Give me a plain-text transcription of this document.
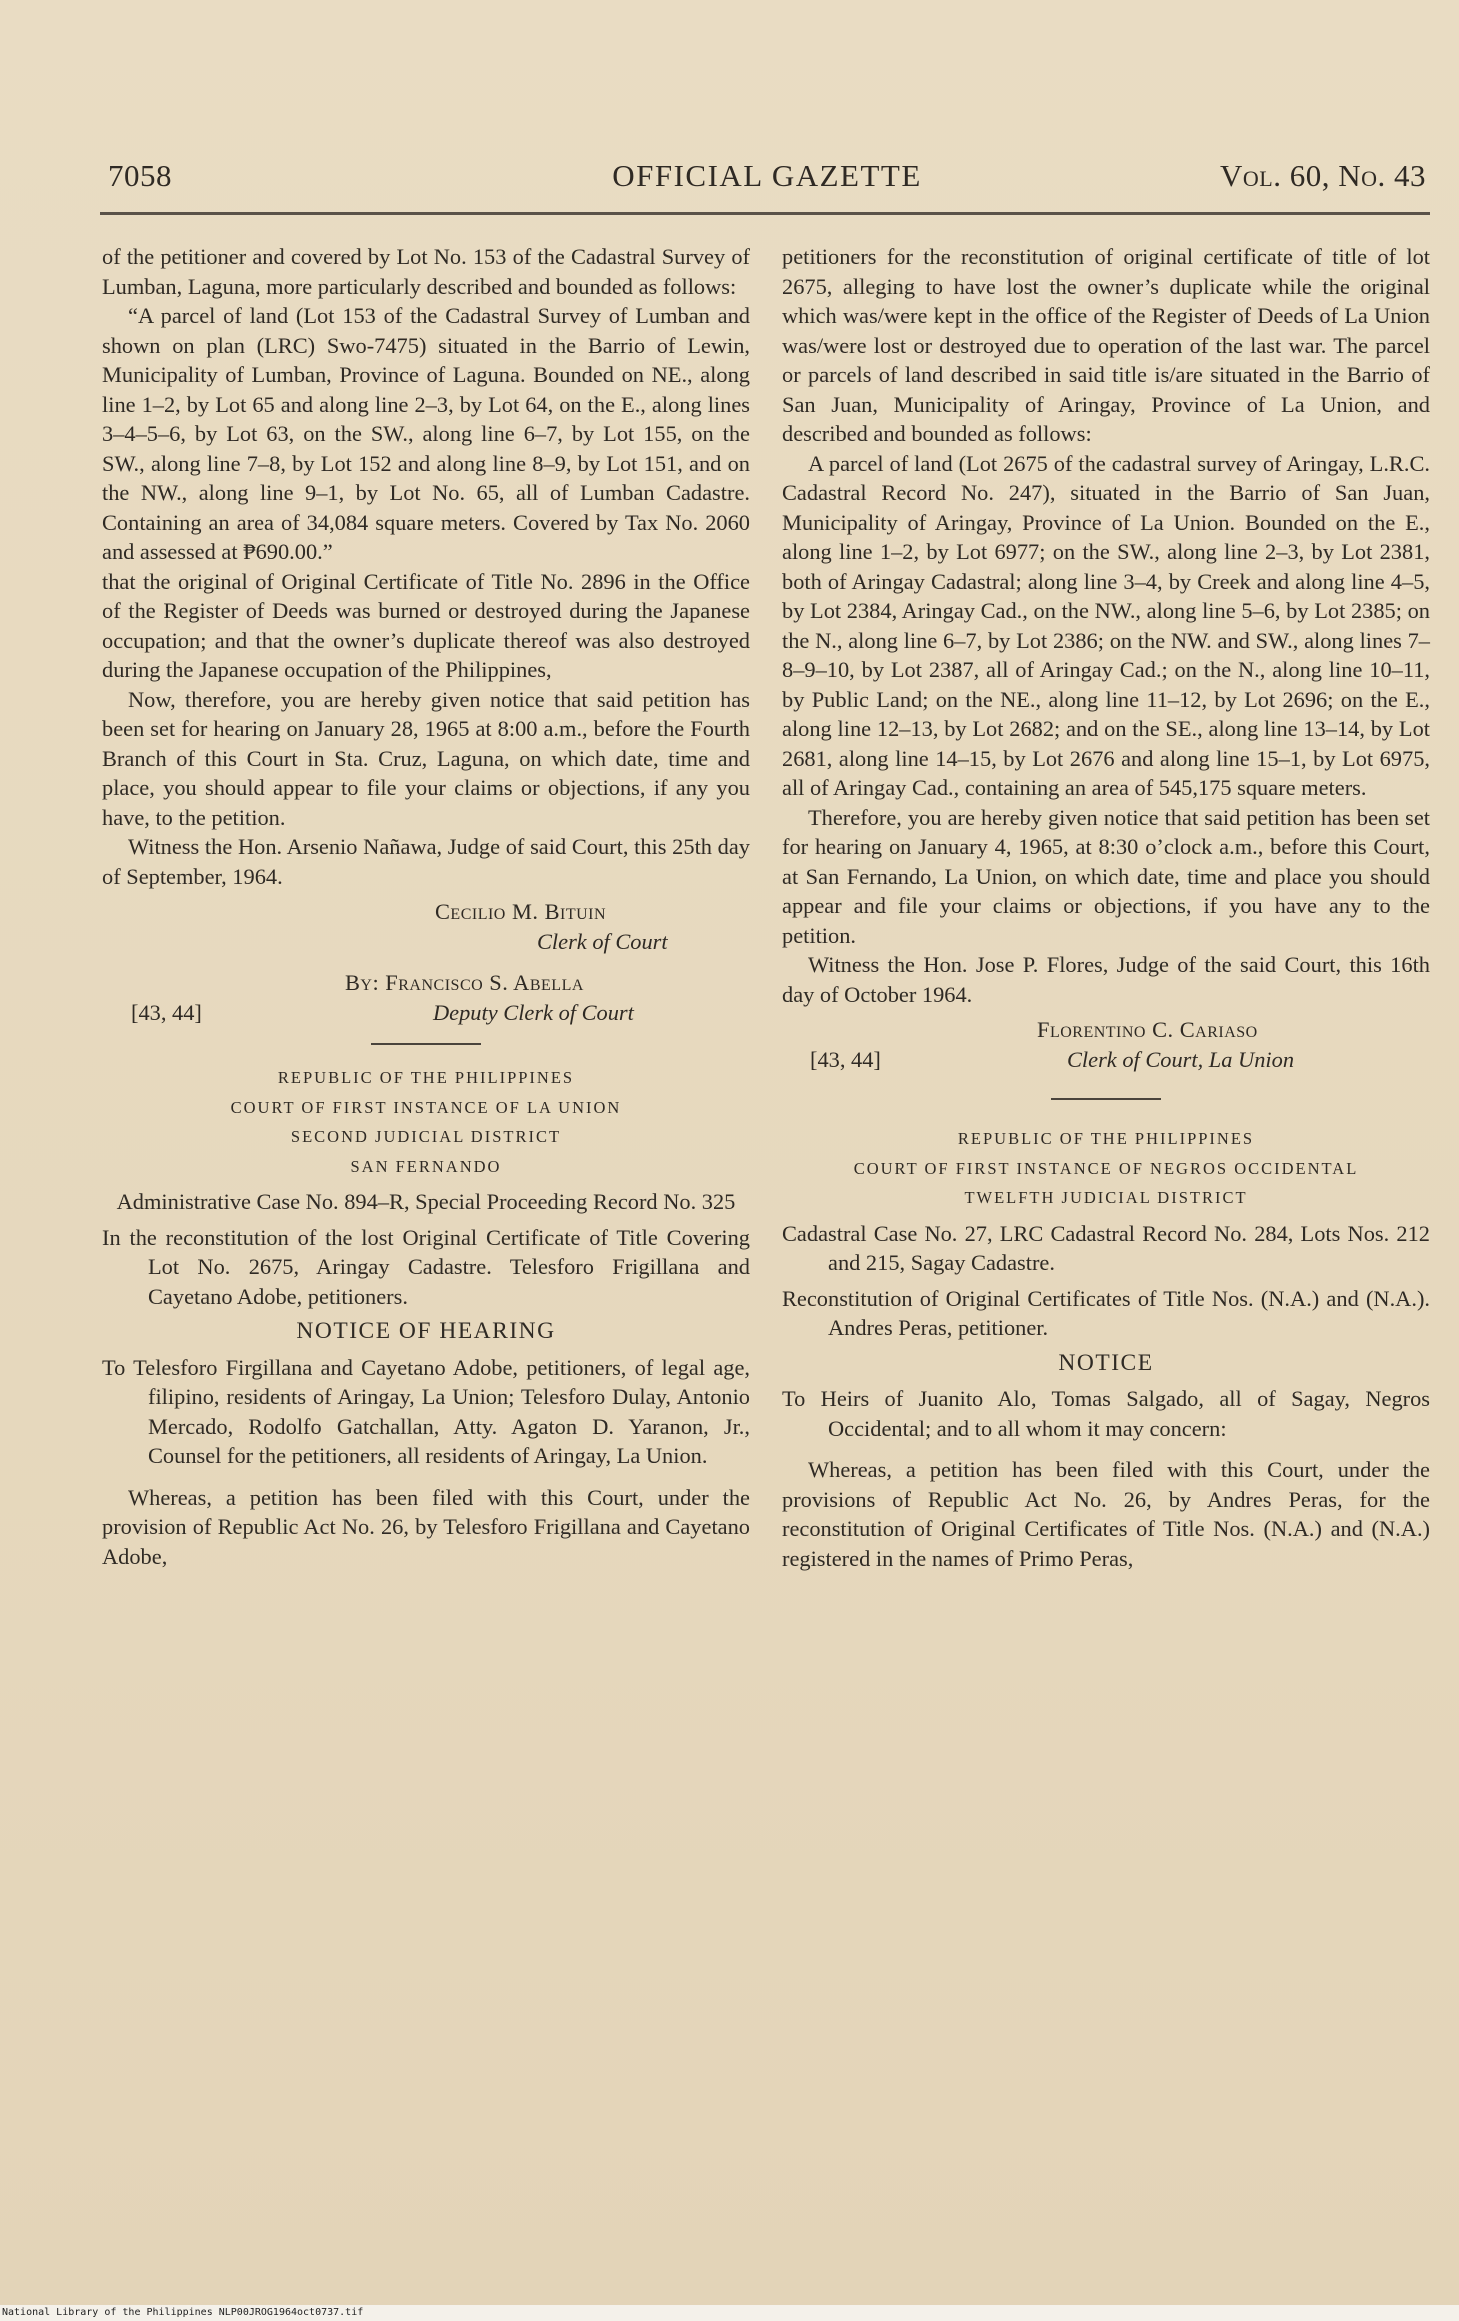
7058	OFFICIAL GAZETTE	Vol. 60, No. 43

of the petitioner and covered by Lot No. 153 of the Cadastral Survey of Lumban, Laguna, more particularly described and bounded as follows:

“A parcel of land (Lot 153 of the Cadastral Survey of Lumban and shown on plan (LRC) Swo-7475) situated in the Barrio of Lewin, Municipality of Lumban, Province of Laguna. Bounded on NE., along line 1–2, by Lot 65 and along line 2–3, by Lot 64, on the E., along lines 3–4–5–6, by Lot 63, on the SW., along line 6–7, by Lot 155, on the SW., along line 7–8, by Lot 152 and along line 8–9, by Lot 151, and on the NW., along line 9–1, by Lot No. 65, all of Lumban Cadastre. Containing an area of 34,084 square meters. Covered by Tax No. 2060 and assessed at ₱690.00.”

that the original of Original Certificate of Title No. 2896 in the Office of the Register of Deeds was burned or destroyed during the Japanese occupation; and that the owner’s duplicate thereof was also destroyed during the Japanese occupation of the Philippines,

Now, therefore, you are hereby given notice that said petition has been set for hearing on January 28, 1965 at 8:00 a.m., before the Fourth Branch of this Court in Sta. Cruz, Laguna, on which date, time and place, you should appear to file your claims or objections, if any you have, to the petition.

Witness the Hon. Arsenio Nañawa, Judge of said Court, this 25th day of September, 1964.

Cecilio M. Bituin
Clerk of Court
By: Francisco S. Abella
[43, 44]	Deputy Clerk of Court

REPUBLIC OF THE PHILIPPINES

COURT OF FIRST INSTANCE OF LA UNION

SECOND JUDICIAL DISTRICT

SAN FERNANDO

Administrative Case No. 894–R, Special Proceeding Record No. 325

In the reconstitution of the lost Original Certificate of Title Covering Lot No. 2675, Aringay Cadastre. Telesforo Frigillana and Cayetano Adobe, petitioners.

NOTICE OF HEARING

To Telesforo Firgillana and Cayetano Adobe, petitioners, of legal age, filipino, residents of Aringay, La Union; Telesforo Dulay, Antonio Mercado, Rodolfo Gatchallan, Atty. Agaton D. Yaranon, Jr., Counsel for the petitioners, all residents of Aringay, La Union.

Whereas, a petition has been filed with this Court, under the provision of Republic Act No. 26, by Telesforo Frigillana and Cayetano Adobe,

petitioners for the reconstitution of original certificate of title of lot 2675, alleging to have lost the owner’s duplicate while the original which was/were kept in the office of the Register of Deeds of La Union was/were lost or destroyed due to operation of the last war. The parcel or parcels of land described in said title is/are situated in the Barrio of San Juan, Municipality of Aringay, Province of La Union, and described and bounded as follows:

A parcel of land (Lot 2675 of the cadastral survey of Aringay, L.R.C. Cadastral Record No. 247), situated in the Barrio of San Juan, Municipality of Aringay, Province of La Union. Bounded on the E., along line 1–2, by Lot 6977; on the SW., along line 2–3, by Lot 2381, both of Aringay Cadastral; along line 3–4, by Creek and along line 4–5, by Lot 2384, Aringay Cad., on the NW., along line 5–6, by Lot 2385; on the N., along line 6–7, by Lot 2386; on the NW. and SW., along lines 7–8–9–10, by Lot 2387, all of Aringay Cad.; on the N., along line 10–11, by Public Land; on the NE., along line 11–12, by Lot 2696; on the E., along line 12–13, by Lot 2682; and on the SE., along line 13–14, by Lot 2681, along line 14–15, by Lot 2676 and along line 15–1, by Lot 6975, all of Aringay Cad., containing an area of 545,175 square meters.

Therefore, you are hereby given notice that said petition has been set for hearing on January 4, 1965, at 8:30 o’clock a.m., before this Court, at San Fernando, La Union, on which date, time and place you should appear and file your claims or objections, if you have any to the petition.

Witness the Hon. Jose P. Flores, Judge of the said Court, this 16th day of October 1964.

Florentino C. Cariaso
[43, 44]	Clerk of Court, La Union

REPUBLIC OF THE PHILIPPINES

COURT OF FIRST INSTANCE OF NEGROS OCCIDENTAL

TWELFTH JUDICIAL DISTRICT

Cadastral Case No. 27, LRC Cadastral Record No. 284, Lots Nos. 212 and 215, Sagay Cadastre.

Reconstitution of Original Certificates of Title Nos. (N.A.) and (N.A.). Andres Peras, petitioner.

NOTICE

To Heirs of Juanito Alo, Tomas Salgado, all of Sagay, Negros Occidental; and to all whom it may concern:

Whereas, a petition has been filed with this Court, under the provisions of Republic Act No. 26, by Andres Peras, for the reconstitution of Original Certificates of Title Nos. (N.A.) and (N.A.) registered in the names of Primo Peras,

National Library of the Philippines NLP00JROG1964oct0737.tif
